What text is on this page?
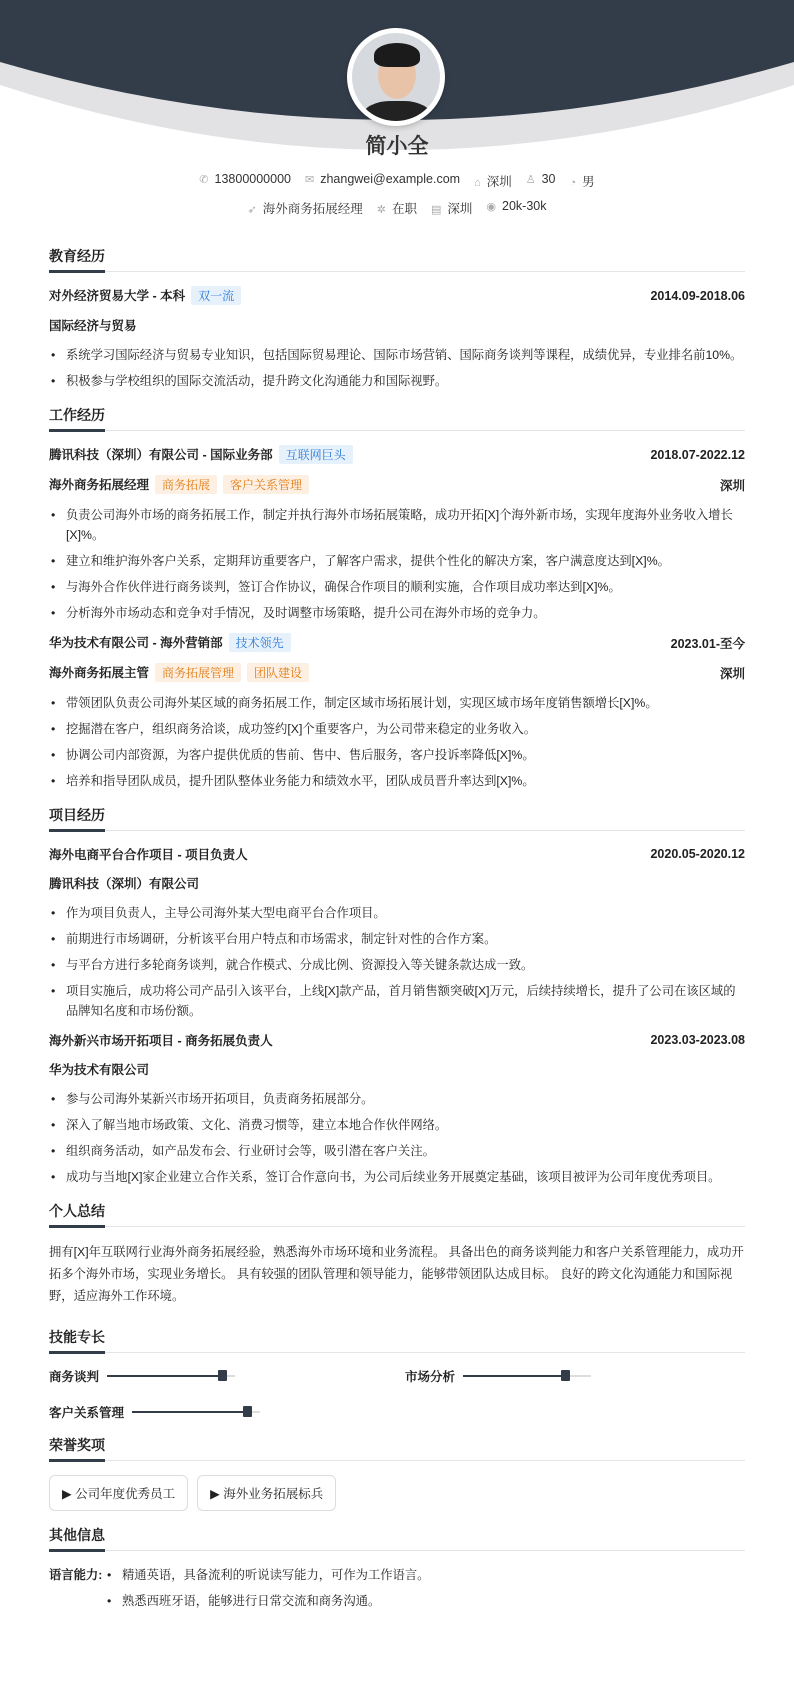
简小全
✆ 13800000000 ✉ zhangwei@example.com ⌂ 深圳 ♙ 30 ◔ 男
➶ 海外商务拓展经理 ✲ 在职 ▤ 深圳 ◉ 20k-30k
教育经历
对外经济贸易大学 - 本科 双一流	2014.09-2018.06
国际经济与贸易
• 系统学习国际经济与贸易专业知识，包括国际贸易理论、国际市场营销、国际商务谈判等课程，成绩优异，专业排名前10%。
• 积极参与学校组织的国际交流活动，提升跨文化沟通能力和国际视野。
工作经历
腾讯科技（深圳）有限公司 - 国际业务部 互联网巨头	2018.07-2022.12
海外商务拓展经理 商务拓展 客户关系管理	深圳
• 负责公司海外市场的商务拓展工作，制定并执行海外市场拓展策略，成功开拓[X]个海外新市场，实现年度海外业务收入增长[X]%。
• 建立和维护海外客户关系，定期拜访重要客户，了解客户需求，提供个性化的解决方案，客户满意度达到[X]%。
• 与海外合作伙伴进行商务谈判，签订合作协议，确保合作项目的顺利实施，合作项目成功率达到[X]%。
• 分析海外市场动态和竞争对手情况，及时调整市场策略，提升公司在海外市场的竞争力。
华为技术有限公司 - 海外营销部 技术领先	2023.01-至今
海外商务拓展主管 商务拓展管理 团队建设	深圳
• 带领团队负责公司海外某区域的商务拓展工作，制定区域市场拓展计划，实现区域市场年度销售额增长[X]%。
• 挖掘潜在客户，组织商务洽谈，成功签约[X]个重要客户，为公司带来稳定的业务收入。
• 协调公司内部资源，为客户提供优质的售前、售中、售后服务，客户投诉率降低[X]%。
• 培养和指导团队成员，提升团队整体业务能力和绩效水平，团队成员晋升率达到[X]%。
项目经历
海外电商平台合作项目 - 项目负责人	2020.05-2020.12
腾讯科技（深圳）有限公司
• 作为项目负责人，主导公司海外某大型电商平台合作项目。
• 前期进行市场调研，分析该平台用户特点和市场需求，制定针对性的合作方案。
• 与平台方进行多轮商务谈判，就合作模式、分成比例、资源投入等关键条款达成一致。
• 项目实施后，成功将公司产品引入该平台，上线[X]款产品，首月销售额突破[X]万元，后续持续增长，提升了公司在该区域的品牌知名度和市场份额。
海外新兴市场开拓项目 - 商务拓展负责人	2023.03-2023.08
华为技术有限公司
• 参与公司海外某新兴市场开拓项目，负责商务拓展部分。
• 深入了解当地市场政策、文化、消费习惯等，建立本地合作伙伴网络。
• 组织商务活动，如产品发布会、行业研讨会等，吸引潜在客户关注。
• 成功与当地[X]家企业建立合作关系，签订合作意向书，为公司后续业务开展奠定基础，该项目被评为公司年度优秀项目。
个人总结

拥有[X]年互联网行业海外商务拓展经验，熟悉海外市场环境和业务流程。 具备出色的商务谈判能力和客户关系管理能力，成功开拓多个海外市场，实现业务增长。 具有较强的团队管理和领导能力，能够带领团队达成目标。 良好的跨文化沟通能力和国际视野，适应海外工作环境。

技能专长
商务谈判	市场分析
客户关系管理
荣誉奖项
▶ 公司年度优秀员工	▶ 海外业务拓展标兵
其他信息
语言能力:	• 精通英语，具备流利的听说读写能力，可作为工作语言。
• 熟悉西班牙语，能够进行日常交流和商务沟通。
